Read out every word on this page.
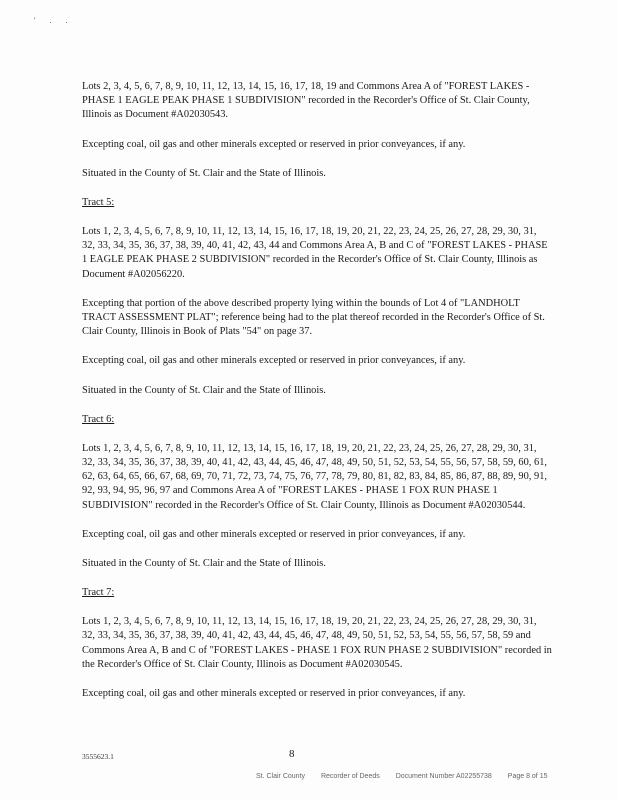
' . .

Lots 2, 3, 4, 5, 6, 7, 8, 9, 10, 11, 12, 13, 14, 15, 16, 17, 18, 19 and Commons Area A of "FOREST LAKES - PHASE 1 EAGLE PEAK PHASE 1 SUBDIVISION" recorded in the Recorder's Office of St. Clair County, Illinois as Document #A02030543.

Excepting coal, oil gas and other minerals excepted or reserved in prior conveyances, if any.

Situated in the County of St. Clair and the State of Illinois.

Tract 5:

Lots 1, 2, 3, 4, 5, 6, 7, 8, 9, 10, 11, 12, 13, 14, 15, 16, 17, 18, 19, 20, 21, 22, 23, 24, 25, 26, 27, 28, 29, 30, 31, 32, 33, 34, 35, 36, 37, 38, 39, 40, 41, 42, 43, 44 and Commons Area A, B and C of "FOREST LAKES - PHASE 1 EAGLE PEAK PHASE 2 SUBDIVISION" recorded in the Recorder's Office of St. Clair County, Illinois as Document #A02056220.

Excepting that portion of the above described property lying within the bounds of Lot 4 of "LANDHOLT TRACT ASSESSMENT PLAT"; reference being had to the plat thereof recorded in the Recorder's Office of St. Clair County, Illinois in Book of Plats "54" on page 37.

Excepting coal, oil gas and other minerals excepted or reserved in prior conveyances, if any.

Situated in the County of St. Clair and the State of Illinois.

Tract 6:

Lots 1, 2, 3, 4, 5, 6, 7, 8, 9, 10, 11, 12, 13, 14, 15, 16, 17, 18, 19, 20, 21, 22, 23, 24, 25, 26, 27, 28, 29, 30, 31, 32, 33, 34, 35, 36, 37, 38, 39, 40, 41, 42, 43, 44, 45, 46, 47, 48, 49, 50, 51, 52, 53, 54, 55, 56, 57, 58, 59, 60, 61, 62, 63, 64, 65, 66, 67, 68, 69, 70, 71, 72, 73, 74, 75, 76, 77, 78, 79, 80, 81, 82, 83, 84, 85, 86, 87, 88, 89, 90, 91, 92, 93, 94, 95, 96, 97 and Commons Area A of "FOREST LAKES - PHASE 1 FOX RUN PHASE 1 SUBDIVISION" recorded in the Recorder's Office of St. Clair County, Illinois as Document #A02030544.

Excepting coal, oil gas and other minerals excepted or reserved in prior conveyances, if any.

Situated in the County of St. Clair and the State of Illinois.

Tract 7:

Lots 1, 2, 3, 4, 5, 6, 7, 8, 9, 10, 11, 12, 13, 14, 15, 16, 17, 18, 19, 20, 21, 22, 23, 24, 25, 26, 27, 28, 29, 30, 31, 32, 33, 34, 35, 36, 37, 38, 39, 40, 41, 42, 43, 44, 45, 46, 47, 48, 49, 50, 51, 52, 53, 54, 55, 56, 57, 58, 59 and Commons Area A, B and C of "FOREST LAKES - PHASE 1 FOX RUN PHASE 2 SUBDIVISION" recorded in the Recorder's Office of St. Clair County, Illinois as Document #A02030545.

Excepting coal, oil gas and other minerals excepted or reserved in prior conveyances, if any.

3555623.1	8
St. Clair County Recorder of Deeds Document Number A02255738 Page 8 of 15
